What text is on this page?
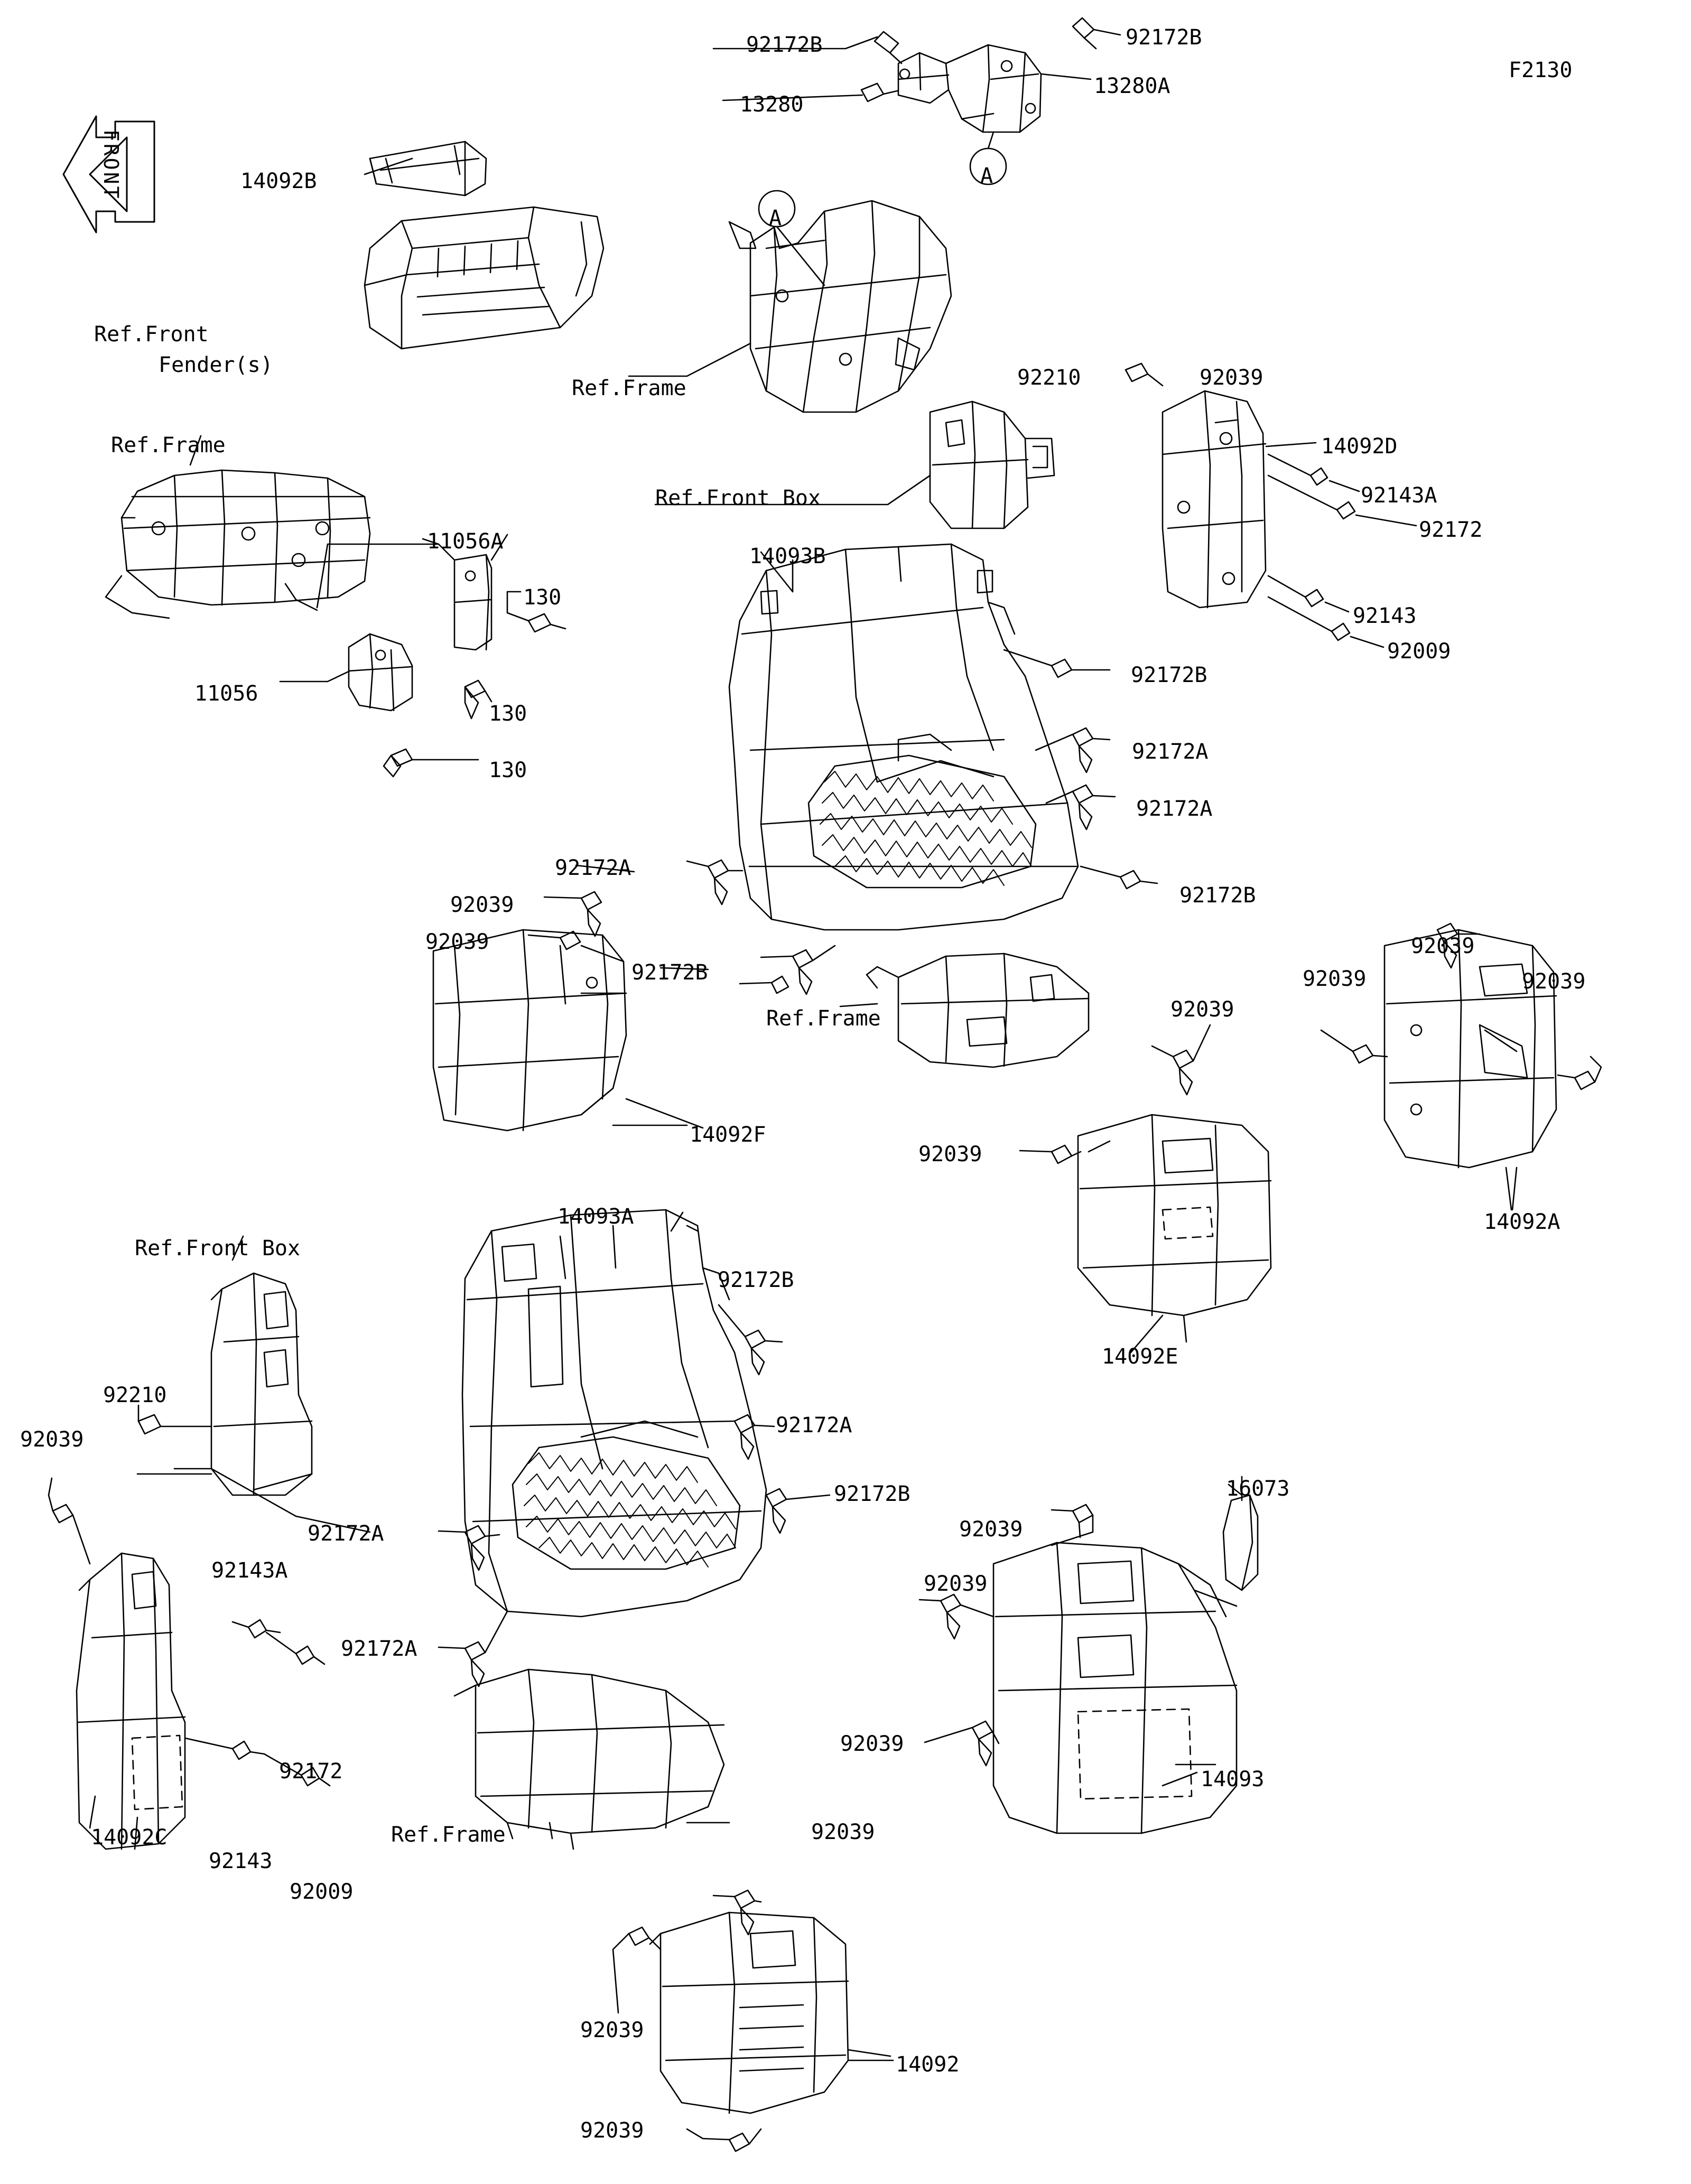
FRONT
92172B	92172B
13280A
13280
F2130
14092B
Ref.Front
Fender(s)
Ref.Frame	92210	92039
Ref.Frame	14092D
Ref.Front Box	92143A
92172
11056A
14093B
130
92143
92009
92172B
11056
130
130
92172A
92172A
92172A
92172B
92039
92039
92172B
92039
92039	92039
Ref.Frame	92039
14092F
92039
14092A
14093A
Ref.Front Box
92172B
14092E
92210
92172A
92039
16073
92172B
92039
92172A
92039
92143A
92172A
92172
92039
14093
14092C
92143
Ref.Frame	92039
92009
14092
92039
92039
A
A
